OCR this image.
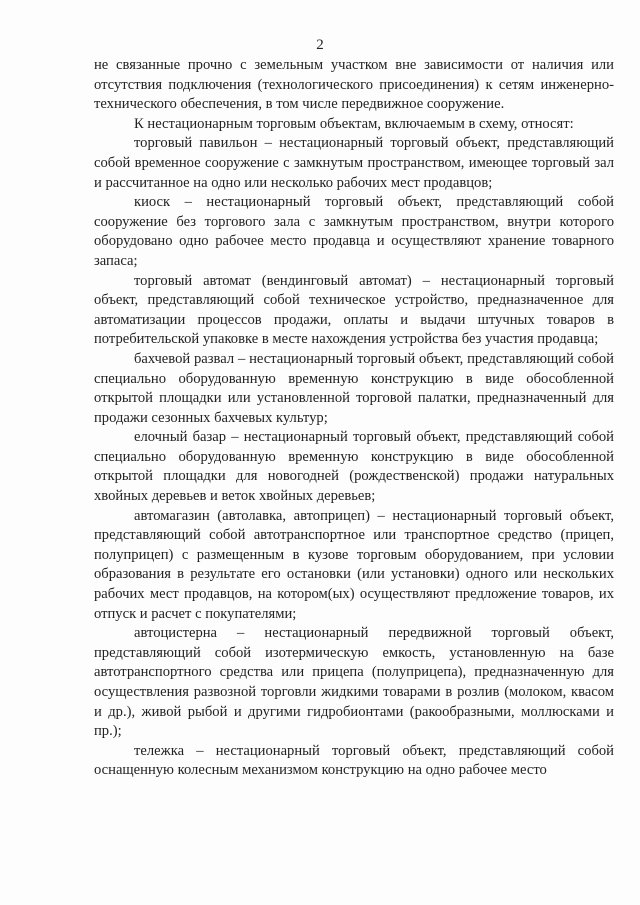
2

не связанные прочно с земельным участком вне зависимости от наличия или отсутствия подключения (технологического присоединения) к сетям инженерно-технического обеспечения, в том числе передвижное сооружение.

К нестационарным торговым объектам, включаемым в схему, относят:

торговый павильон – нестационарный торговый объект, представляющий собой временное сооружение с замкнутым пространством, имеющее торговый зал и рассчитанное на одно или несколько рабочих мест продавцов;

киоск – нестационарный торговый объект, представляющий собой сооружение без торгового зала с замкнутым пространством, внутри которого оборудовано одно рабочее место продавца и осуществляют хранение товарного запаса;

торговый автомат (вендинговый автомат) – нестационарный торговый объект, представляющий собой техническое устройство, предназначенное для автоматизации процессов продажи, оплаты и выдачи штучных товаров в потребительской упаковке в месте нахождения устройства без участия продавца;

бахчевой развал – нестационарный торговый объект, представляющий собой специально оборудованную временную конструкцию в виде обособленной открытой площадки или установленной торговой палатки, предназначенный для продажи сезонных бахчевых культур;

елочный базар – нестационарный торговый объект, представляющий собой специально оборудованную временную конструкцию в виде обособленной открытой площадки для новогодней (рождественской) продажи натуральных хвойных деревьев и веток хвойных деревьев;

автомагазин (автолавка, автоприцеп) – нестационарный торговый объект, представляющий собой автотранспортное или транспортное средство (прицеп, полуприцеп) с размещенным в кузове торговым оборудованием, при условии образования в результате его остановки (или установки) одного или нескольких рабочих мест продавцов, на котором(ых) осуществляют предложение товаров, их отпуск и расчет с покупателями;

автоцистерна – нестационарный передвижной торговый объект, представляющий собой изотермическую емкость, установленную на базе автотранспортного средства или прицепа (полуприцепа), предназначенную для осуществления развозной торговли жидкими товарами в розлив (молоком, квасом и др.), живой рыбой и другими гидробионтами (ракообразными, моллюсками и пр.);

тележка – нестационарный торговый объект, представляющий собой оснащенную колесным механизмом конструкцию на одно рабочее место
